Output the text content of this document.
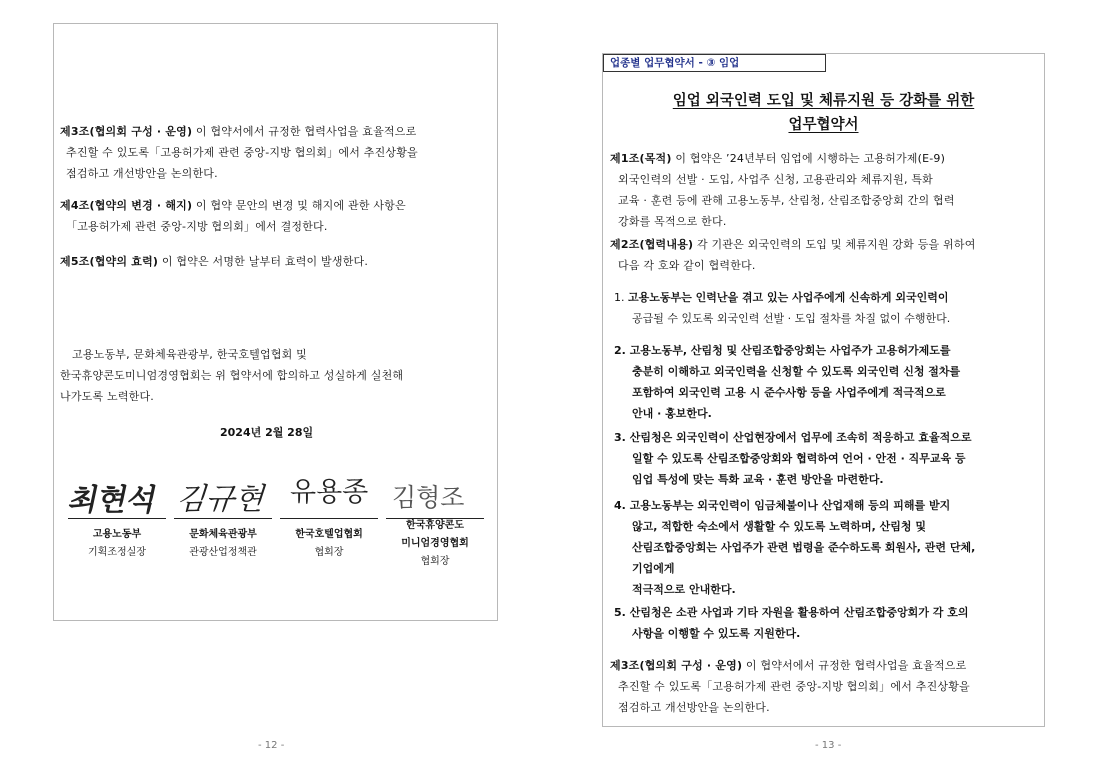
제3조(협의회 구성 · 운영) 이 협약서에서 규정한 협력사업을 효율적으로
추진할 수 있도록「고용허가제 관련 중앙-지방 협의회」에서 추진상황을
점검하고 개선방안을 논의한다.
제4조(협약의 변경 · 해지) 이 협약 문안의 변경 및 해지에 관한 사항은
「고용허가제 관련 중앙-지방 협의회」에서 결정한다.
제5조(협약의 효력) 이 협약은 서명한 날부터 효력이 발생한다.
고용노동부, 문화체육관광부, 한국호텔업협회 및
한국휴양콘도미니엄경영협회는 위 협약서에 합의하고 성실하게 실천해
나가도록 노력한다.
2024년 2월 28일
최현석 김규현 유용종 김형조
고용노동부
기획조정실장
문화체육관광부
관광산업정책관
한국호텔업협회
협회장
한국휴양콘도
미니엄경영협회
협회장
- 12 -
업종별 업무협약서 - ③ 임업
임업 외국인력 도입 및 체류지원 등 강화를 위한
업무협약서
제1조(목적) 이 협약은 ’24년부터 임업에 시행하는 고용허가제(E-9)
외국인력의 선발 · 도입, 사업주 신청, 고용관리와 체류지원, 특화
교육 · 훈련 등에 관해 고용노동부, 산림청, 산림조합중앙회 간의 협력
강화를 목적으로 한다.
제2조(협력내용) 각 기관은 외국인력의 도입 및 체류지원 강화 등을 위하여
다음 각 호와 같이 협력한다.
1. 고용노동부는 인력난을 겪고 있는 사업주에게 신속하게 외국인력이
공급될 수 있도록 외국인력 선발 · 도입 절차를 차질 없이 수행한다.
2. 고용노동부, 산림청 및 산림조합중앙회는 사업주가 고용허가제도를
충분히 이해하고 외국인력을 신청할 수 있도록 외국인력 신청 절차를
포함하여 외국인력 고용 시 준수사항 등을 사업주에게 적극적으로
안내 · 홍보한다.
3. 산림청은 외국인력이 산업현장에서 업무에 조속히 적응하고 효율적으로
일할 수 있도록 산림조합중앙회와 협력하여 언어 · 안전 · 직무교육 등
임업 특성에 맞는 특화 교육 · 훈련 방안을 마련한다.
4. 고용노동부는 외국인력이 임금체불이나 산업재해 등의 피해를 받지
않고, 적합한 숙소에서 생활할 수 있도록 노력하며, 산림청 및
산림조합중앙회는 사업주가 관련 법령을 준수하도록 회원사, 관련 단체,
기업에게
적극적으로 안내한다.
5. 산림청은 소관 사업과 기타 자원을 활용하여 산림조합중앙회가 각 호의
사항을 이행할 수 있도록 지원한다.
제3조(협의회 구성 · 운영) 이 협약서에서 규정한 협력사업을 효율적으로
추진할 수 있도록「고용허가제 관련 중앙-지방 협의회」에서 추진상황을
점검하고 개선방안을 논의한다.
- 13 -
